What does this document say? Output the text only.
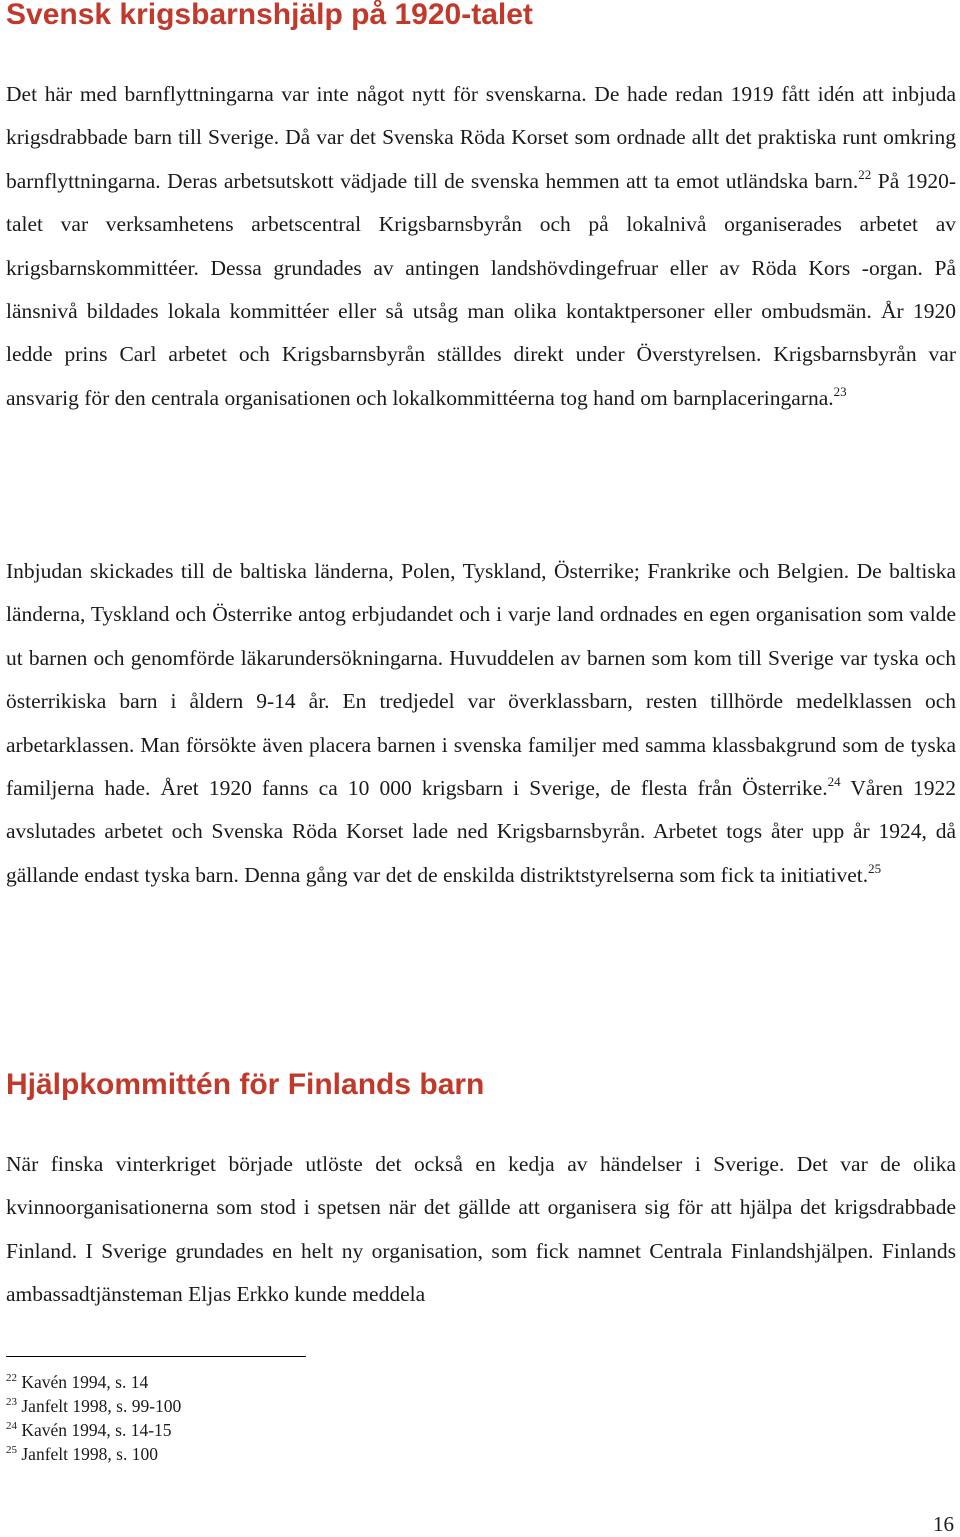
Svensk krigsbarnshjälp på 1920-talet

Det här med barnflyttningarna var inte något nytt för svenskarna. De hade redan 1919 fått idén att inbjuda krigsdrabbade barn till Sverige. Då var det Svenska Röda Korset som ordnade allt det praktiska runt omkring barnflyttningarna. Deras arbetsutskott vädjade till de svenska hemmen att ta emot utländska barn.$^{22}$ På 1920-talet var verksamhetens arbetscentral Krigsbarnsbyrån och på lokalnivå organiserades arbetet av krigsbarnskommittéer. Dessa grundades av antingen landshövdingefruar eller av Röda Kors -organ. På länsnivå bildades lokala kommittéer eller så utsåg man olika kontaktpersoner eller ombudsmän. År 1920 ledde prins Carl arbetet och Krigsbarnsbyrån ställdes direkt under Överstyrelsen. Krigsbarnsbyrån var ansvarig för den centrala organisationen och lokalkommittéerna tog hand om barnplaceringarna.$^{23}$

Inbjudan skickades till de baltiska länderna, Polen, Tyskland, Österrike; Frankrike och Belgien. De baltiska länderna, Tyskland och Österrike antog erbjudandet och i varje land ordnades en egen organisation som valde ut barnen och genomförde läkarundersökningarna. Huvuddelen av barnen som kom till Sverige var tyska och österrikiska barn i åldern 9-14 år. En tredjedel var överklassbarn, resten tillhörde medelklassen och arbetarklassen. Man försökte även placera barnen i svenska familjer med samma klassbakgrund som de tyska familjerna hade. Året 1920 fanns ca 10 000 krigsbarn i Sverige, de flesta från Österrike.$^{24}$ Våren 1922 avslutades arbetet och Svenska Röda Korset lade ned Krigsbarnsbyrån. Arbetet togs åter upp år 1924, då gällande endast tyska barn. Denna gång var det de enskilda distriktstyrelserna som fick ta initiativet.$^{25}$

Hjälpkommittén för Finlands barn

När finska vinterkriget började utlöste det också en kedja av händelser i Sverige. Det var de olika kvinnoorganisationerna som stod i spetsen när det gällde att organisera sig för att hjälpa det krigsdrabbade Finland. I Sverige grundades en helt ny organisation, som fick namnet Centrala Finlandshjälpen. Finlands ambassadtjänsteman Eljas Erkko kunde meddela

$^{22}$ Kavén 1994, s. 14
$^{23}$ Janfelt 1998, s. 99-100
$^{24}$ Kavén 1994, s. 14-15
$^{25}$ Janfelt 1998, s. 100
16
